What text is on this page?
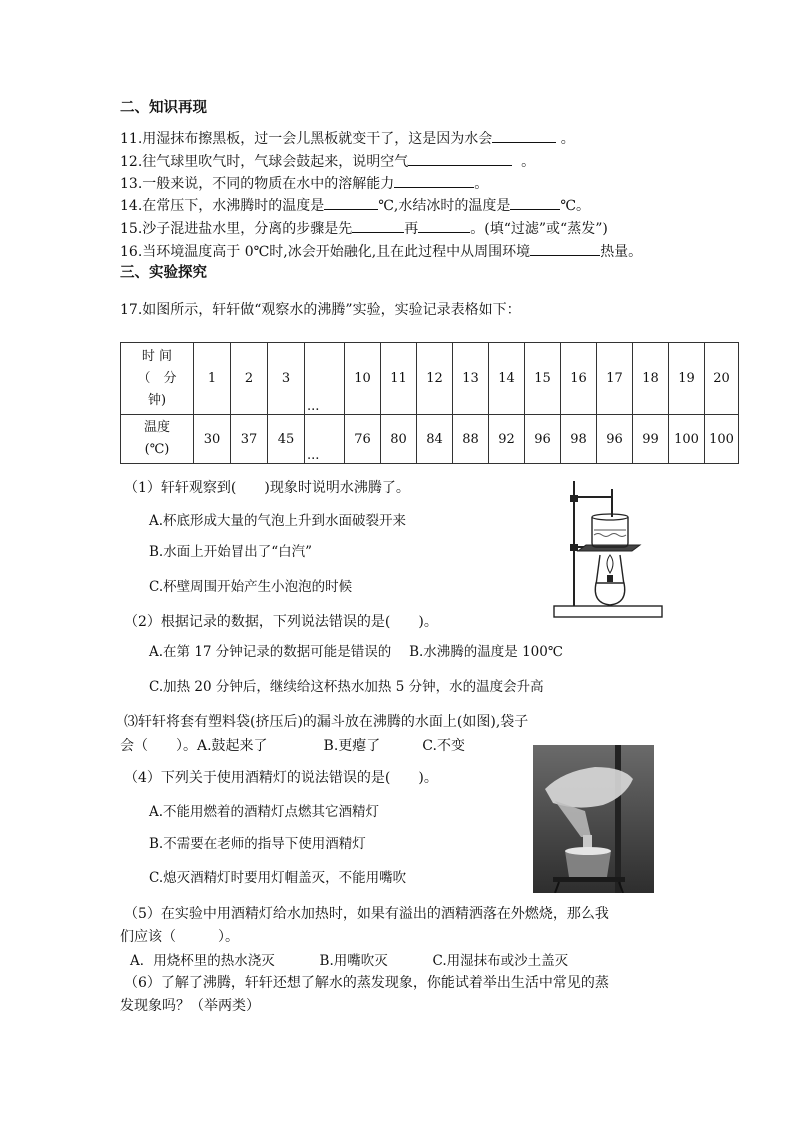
二、知识再现
11.用湿抹布擦黑板，过一会儿黑板就变干了，这是因为水会	。
12.往气球里吹气时，气球会鼓起来，说明空气	。
13.一般来说，不同的物质在水中的溶解能力	。
14.在常压下，水沸腾时的温度是	℃,水结冰时的温度是	℃。
15.沙子混进盐水里，分离的步骤是先	再	。(填“过滤”或“蒸发”)
16.当环境温度高于 0℃时,冰会开始融化,且在此过程中从周围环境	热量。
三、实验探究
17.如图所示，轩轩做“观察水的沸腾”实验，实验记录表格如下：
时 间
（　分
钟)	1	2	3	...	10	11	12	13	14	15	16	17	18	19	20

温度
(℃)	30	37	45	...	76	80	84	88	92	96	98	96	99	100	100
（1）轩轩观察到(　　)现象时说明水沸腾了。
A.杯底形成大量的气泡上升到水面破裂开来
B.水面上开始冒出了“白汽”
C.杯壁周围开始产生小泡泡的时候
（2）根据记录的数据，下列说法错误的是(　　)。
A.在第 17 分钟记录的数据可能是错误的　 B.水沸腾的温度是 100℃
C.加热 20 分钟后，继续给这杯热水加热 5 分钟，水的温度会升高
⑶轩轩将套有塑料袋(挤压后)的漏斗放在沸腾的水面上(如图),袋子
会（　　）。A.鼓起来了　　　　B.更瘪了　　　C.不变
（4）下列关于使用酒精灯的说法错误的是(　　)。
A.不能用燃着的酒精灯点燃其它酒精灯
B.不需要在老师的指导下使用酒精灯
C.熄灭酒精灯时要用灯帽盖灭，不能用嘴吹
（5）在实验中用酒精灯给水加热时，如果有溢出的酒精洒落在外燃烧，那么我
们应该（　　　）。
A．用烧杯里的热水浇灭　　　 B.用嘴吹灭　　　 C.用湿抹布或沙土盖灭
（6）了解了沸腾，轩轩还想了解水的蒸发现象，你能试着举出生活中常见的蒸
发现象吗？（举两类）
